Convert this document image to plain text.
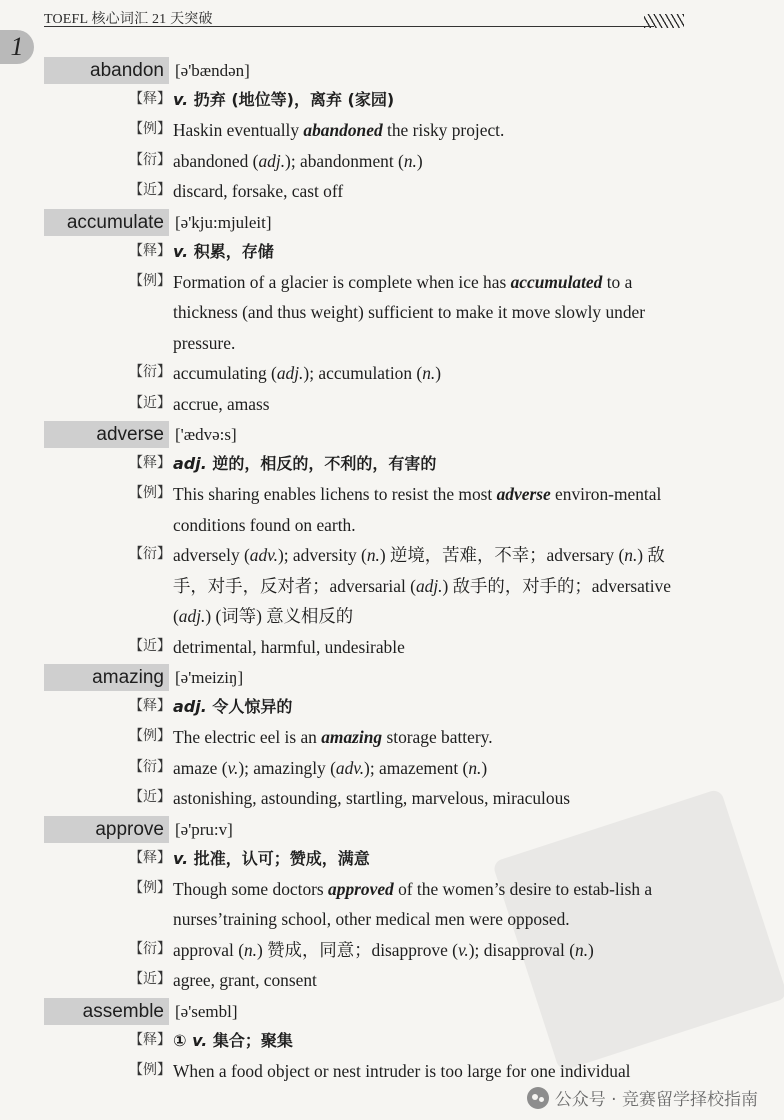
TOEFL 核心词汇 21 天突破
1
abandon [ə'bændən]
【释】 v. 扔弃 (地位等)，离弃 (家园)
【例】 Haskin eventually abandoned the risky project.
【衍】 abandoned (adj.); abandonment (n.)
【近】 discard, forsake, cast off
accumulate [ə'kju:mjuleit]
【释】 v. 积累，存储
【例】 Formation of a glacier is complete when ice has accumulated to a thickness (and thus weight) sufficient to make it move slowly under pressure.
【衍】 accumulating (adj.); accumulation (n.)
【近】 accrue, amass
adverse ['ædvə:s]
【释】 adj. 逆的，相反的，不利的，有害的
【例】 This sharing enables lichens to resist the most adverse environ-mental conditions found on earth.
【衍】 adversely (adv.); adversity (n.) 逆境，苦难，不幸；adversary (n.) 敌手，对手，反对者；adversarial (adj.) 敌手的，对手的；adversative (adj.) (词等) 意义相反的
【近】 detrimental, harmful, undesirable
amazing [ə'meiziŋ]
【释】 adj. 令人惊异的
【例】 The electric eel is an amazing storage battery.
【衍】 amaze (v.); amazingly (adv.); amazement (n.)
【近】 astonishing, astounding, startling, marvelous, miraculous
approve [ə'pru:v]
【释】 v. 批准，认可；赞成，满意
【例】 Though some doctors approved of the women’s desire to estab-lish a nurses’training school, other medical men were opposed.
【衍】 approval (n.) 赞成，同意；disapprove (v.); disapproval (n.)
【近】 agree, grant, consent
assemble [ə'sembl]
【释】 ① v. 集合；聚集
【例】 When a food object or nest intruder is too large for one individual
公众号 · 竞赛留学择校指南
